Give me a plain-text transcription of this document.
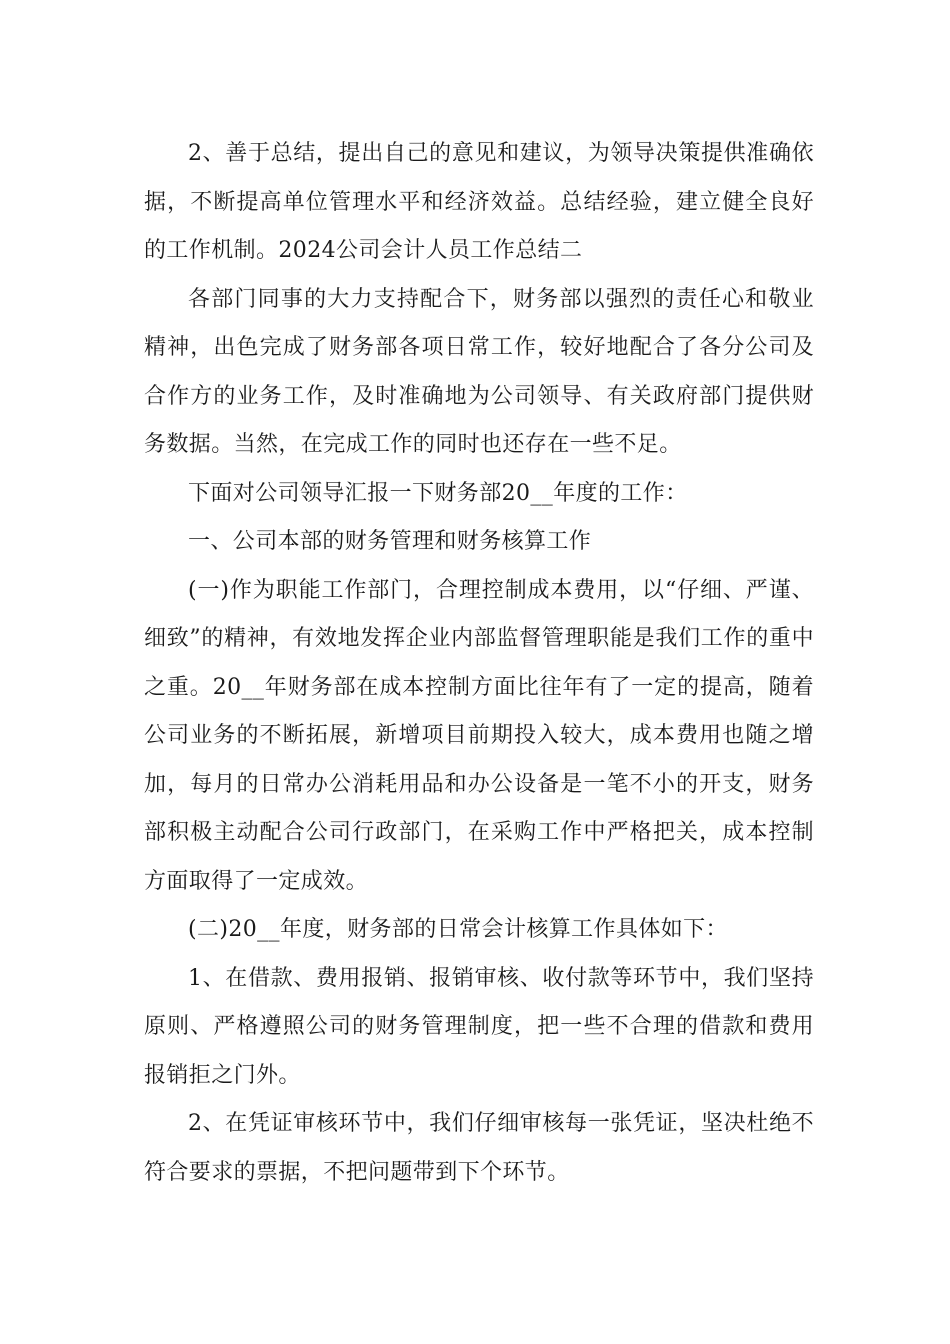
2、善于总结，提出自己的意见和建议，为领导决策提供准确依据，不断提高单位管理水平和经济效益。总结经验，建立健全良好的工作机制。2024公司会计人员工作总结二

各部门同事的大力支持配合下，财务部以强烈的责任心和敬业精神，出色完成了财务部各项日常工作，较好地配合了各分公司及合作方的业务工作，及时准确地为公司领导、有关政府部门提供财务数据。当然，在完成工作的同时也还存在一些不足。

下面对公司领导汇报一下财务部20__年度的工作：

一、公司本部的财务管理和财务核算工作

(一)作为职能工作部门，合理控制成本费用，以“仔细、严谨、细致”的精神，有效地发挥企业内部监督管理职能是我们工作的重中之重。20__年财务部在成本控制方面比往年有了一定的提高，随着公司业务的不断拓展，新增项目前期投入较大，成本费用也随之增加，每月的日常办公消耗用品和办公设备是一笔不小的开支，财务部积极主动配合公司行政部门，在采购工作中严格把关，成本控制方面取得了一定成效。

(二)20__年度，财务部的日常会计核算工作具体如下：

1、在借款、费用报销、报销审核、收付款等环节中，我们坚持原则、严格遵照公司的财务管理制度，把一些不合理的借款和费用报销拒之门外。

2、在凭证审核环节中，我们仔细审核每一张凭证，坚决杜绝不符合要求的票据，不把问题带到下个环节。
